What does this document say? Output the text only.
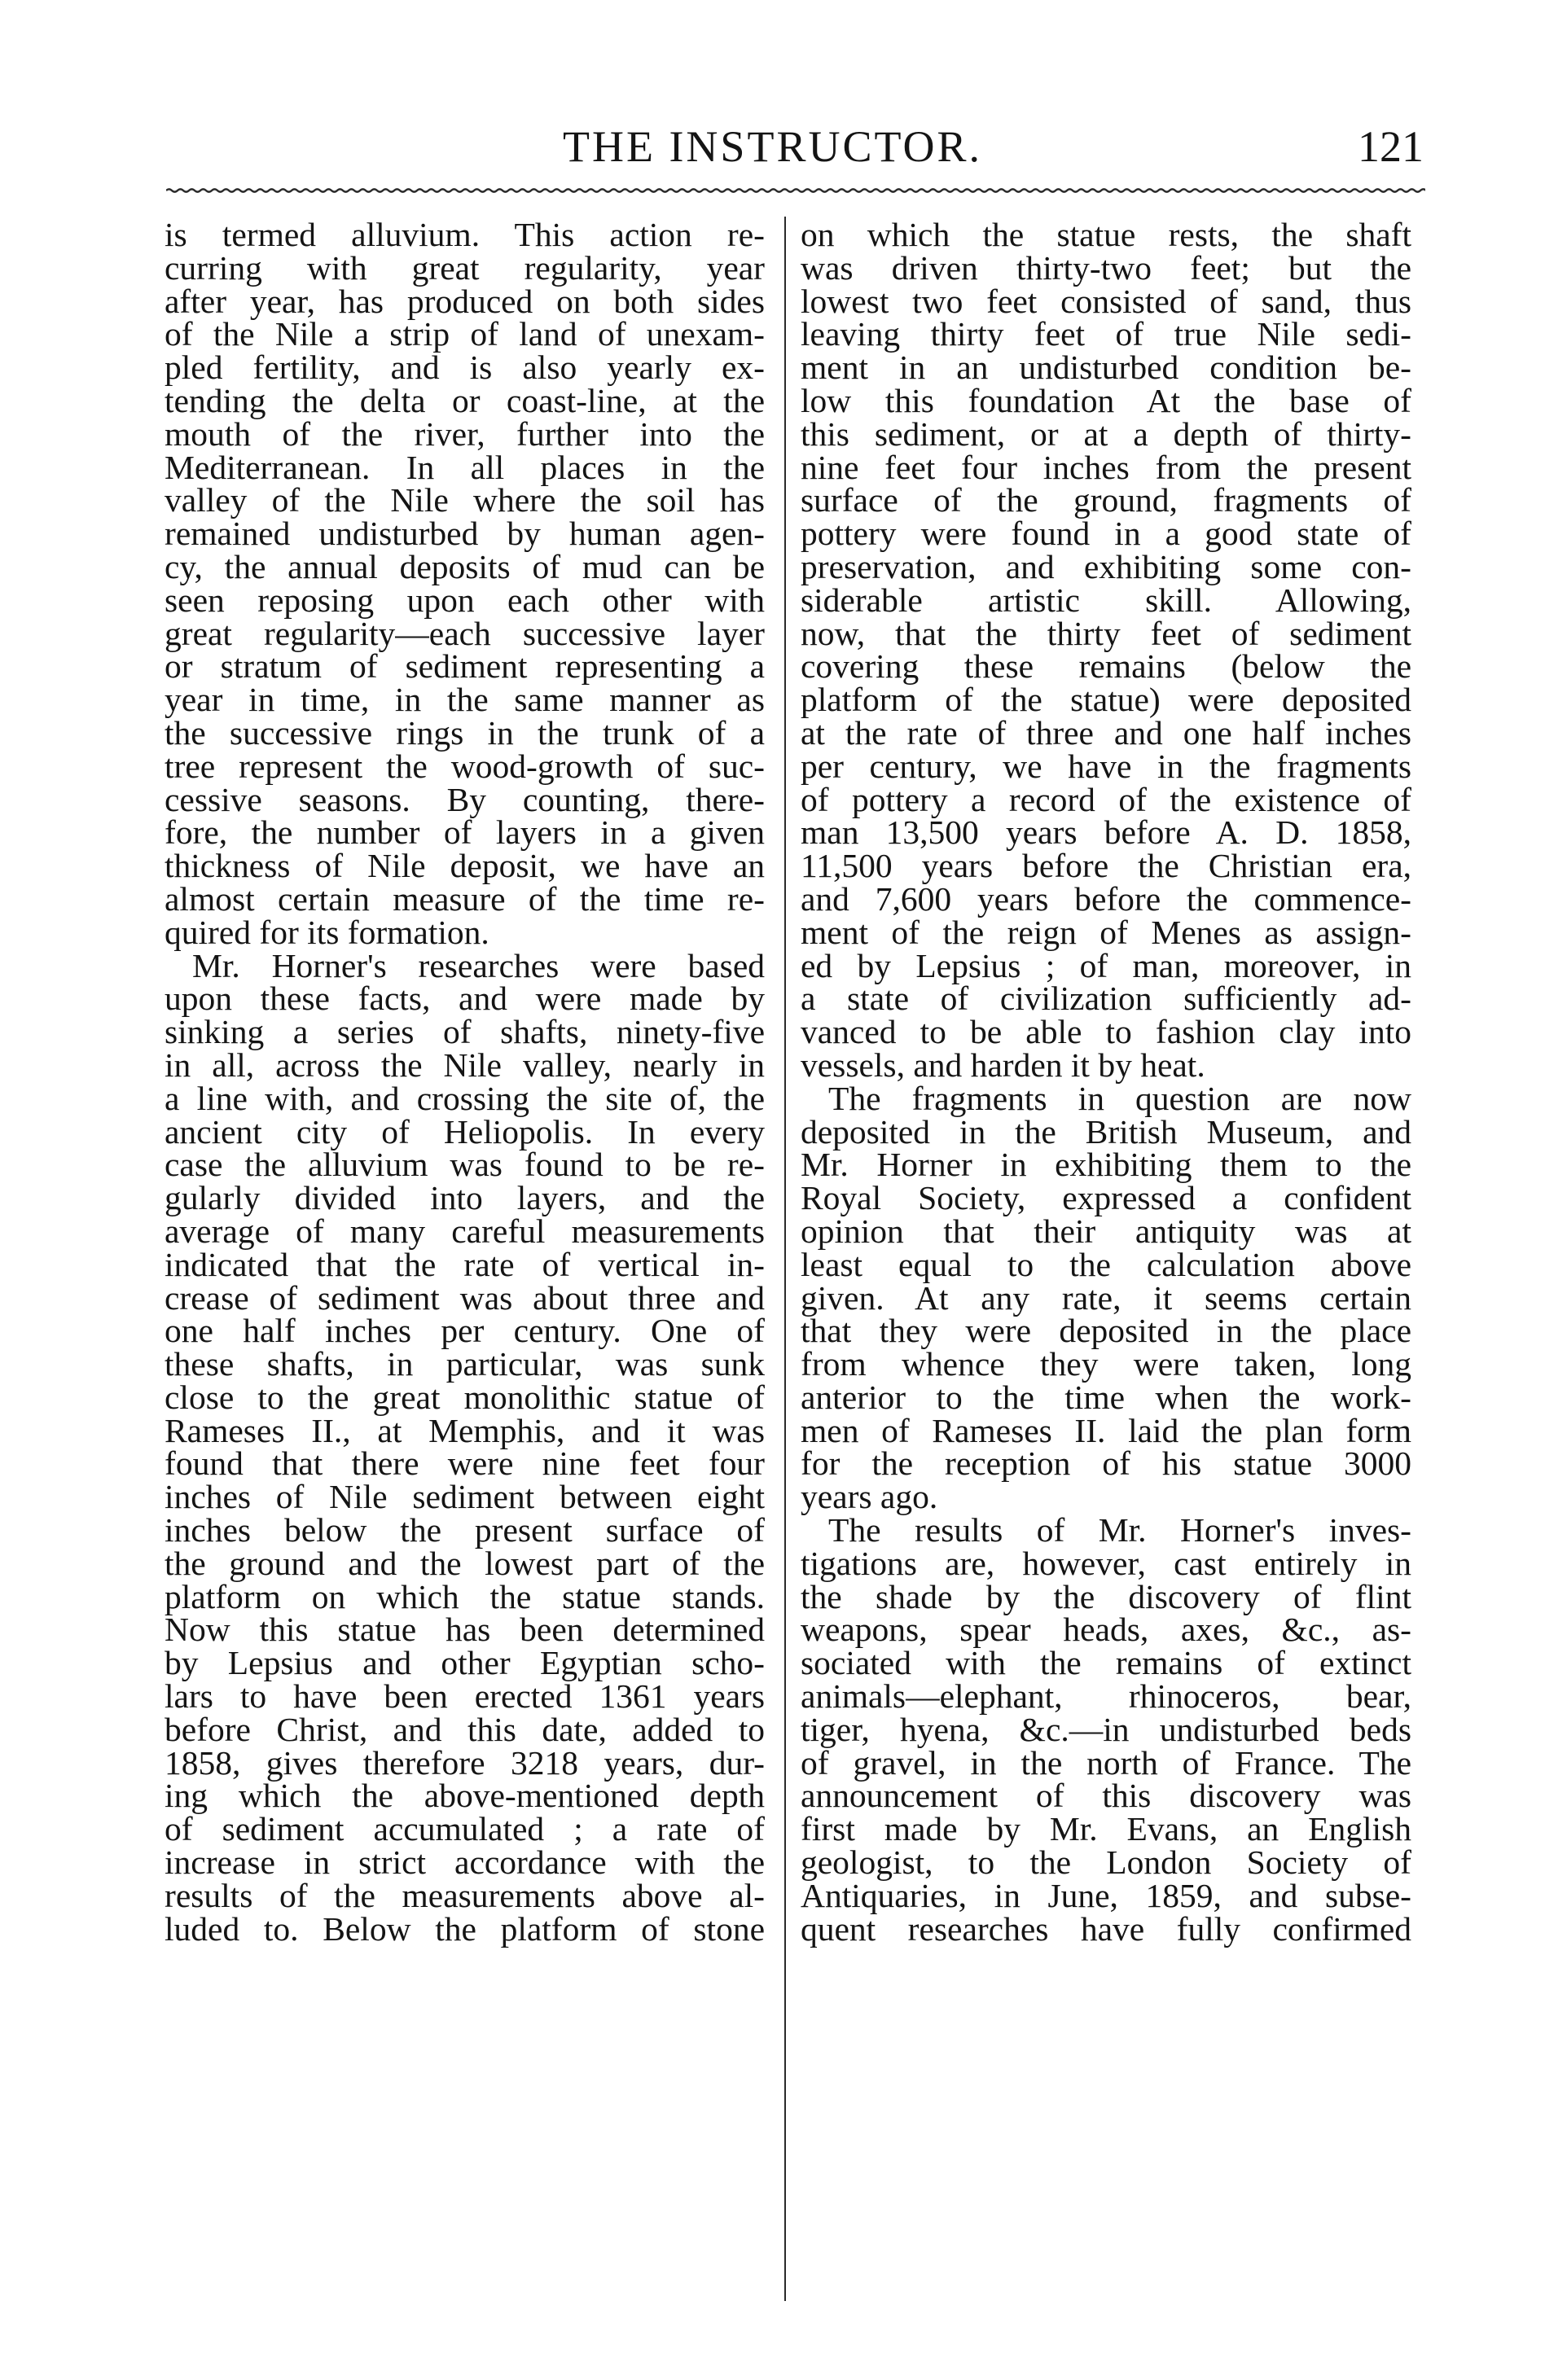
THE INSTRUCTOR.	121
is termed alluvium. This action re-
curring with great regularity, year
after year, has produced on both sides
of the Nile a strip of land of unexam-
pled fertility, and is also yearly ex-
tending the delta or coast-line, at the
mouth of the river, further into the
Mediterranean. In all places in the
valley of the Nile where the soil has
remained undisturbed by human agen-
cy, the annual deposits of mud can be
seen reposing upon each other with
great regularity—each successive layer
or stratum of sediment representing a
year in time, in the same manner as
the successive rings in the trunk of a
tree represent the wood-growth of suc-
cessive seasons. By counting, there-
fore, the number of layers in a given
thickness of Nile deposit, we have an
almost certain measure of the time re-
quired for its formation.
Mr. Horner's researches were based
upon these facts, and were made by
sinking a series of shafts, ninety-five
in all, across the Nile valley, nearly in
a line with, and crossing the site of, the
ancient city of Heliopolis. In every
case the alluvium was found to be re-
gularly divided into layers, and the
average of many careful measurements
indicated that the rate of vertical in-
crease of sediment was about three and
one half inches per century. One of
these shafts, in particular, was sunk
close to the great monolithic statue of
Rameses II., at Memphis, and it was
found that there were nine feet four
inches of Nile sediment between eight
inches below the present surface of
the ground and the lowest part of the
platform on which the statue stands.
Now this statue has been determined
by Lepsius and other Egyptian scho-
lars to have been erected 1361 years
before Christ, and this date, added to
1858, gives therefore 3218 years, dur-
ing which the above-mentioned depth
of sediment accumulated ; a rate of
increase in strict accordance with the
results of the measurements above al-
luded to. Below the platform of stone
on which the statue rests, the shaft
was driven thirty-two feet; but the
lowest two feet consisted of sand, thus
leaving thirty feet of true Nile sedi-
ment in an undisturbed condition be-
low this foundation At the base of
this sediment, or at a depth of thirty-
nine feet four inches from the present
surface of the ground, fragments of
pottery were found in a good state of
preservation, and exhibiting some con-
siderable artistic skill. Allowing,
now, that the thirty feet of sediment
covering these remains (below the
platform of the statue) were deposited
at the rate of three and one half inches
per century, we have in the fragments
of pottery a record of the existence of
man 13,500 years before A. D. 1858,
11,500 years before the Christian era,
and 7,600 years before the commence-
ment of the reign of Menes as assign-
ed by Lepsius ; of man, moreover, in
a state of civilization sufficiently ad-
vanced to be able to fashion clay into
vessels, and harden it by heat.
The fragments in question are now
deposited in the British Museum, and
Mr. Horner in exhibiting them to the
Royal Society, expressed a confident
opinion that their antiquity was at
least equal to the calculation above
given. At any rate, it seems certain
that they were deposited in the place
from whence they were taken, long
anterior to the time when the work-
men of Rameses II. laid the plan form
for the reception of his statue 3000
years ago.
The results of Mr. Horner's inves-
tigations are, however, cast entirely in
the shade by the discovery of flint
weapons, spear heads, axes, &c., as-
sociated with the remains of extinct
animals—elephant, rhinoceros, bear,
tiger, hyena, &c.—in undisturbed beds
of gravel, in the north of France. The
announcement of this discovery was
first made by Mr. Evans, an English
geologist, to the London Society of
Antiquaries, in June, 1859, and subse-
quent researches have fully confirmed
